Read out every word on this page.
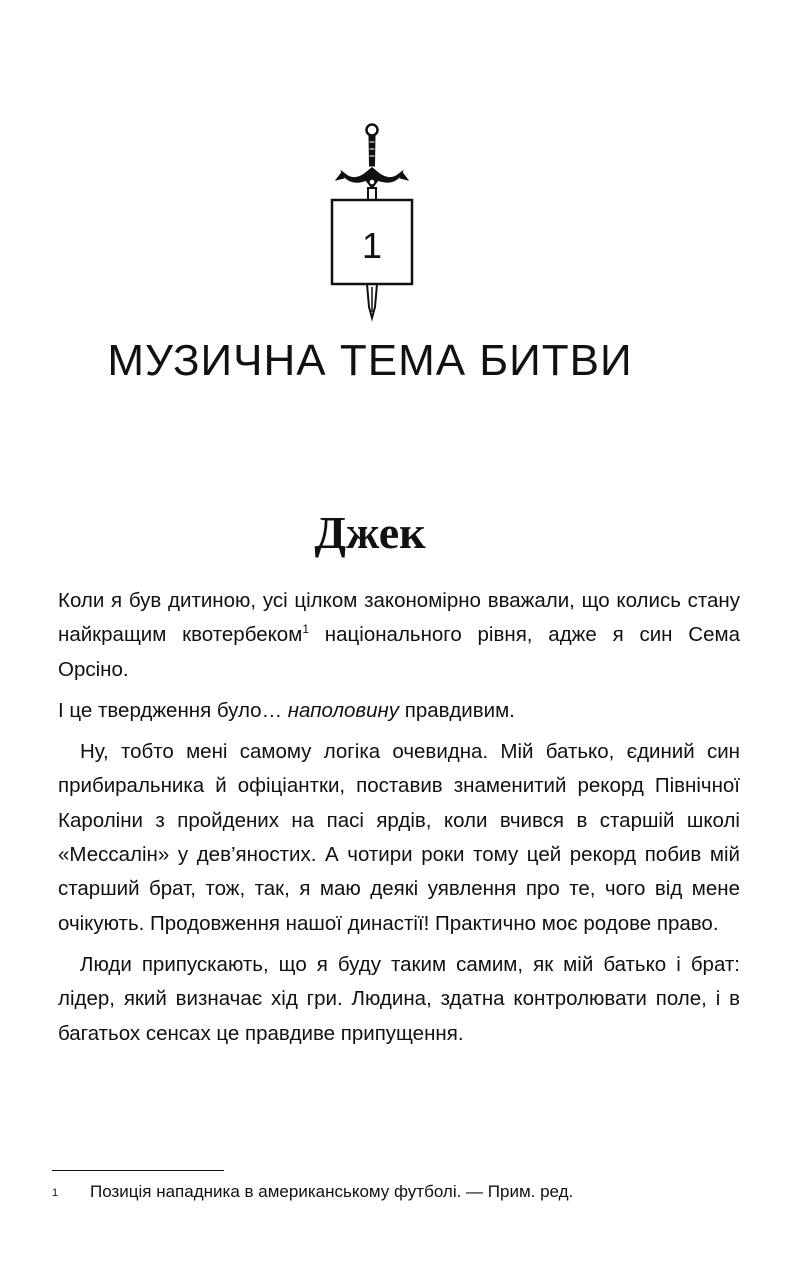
1
МУЗИЧНА ТЕМА БИТВИ
Джек

Коли я був дитиною, усі цілком закономірно вважали, що колись стану найкращим квотербеком$^1$ національного рівня, адже я син Сема Орсіно.

І це твердження було… наполовину правдивим.

Ну, тобто мені самому логіка очевидна. Мій батько, єдиний син прибиральника й офіціантки, поставив знаменитий рекорд Північної Кароліни з пройдених на пасі ярдів, коли вчився в старшій школі «Мессалін» у дев’яностих. А чотири роки тому цей рекорд побив мій старший брат, тож, так, я маю деякі уявлення про те, чого від мене очікують. Продовження нашої династії! Практично моє родове право.

Люди припускають, що я буду таким самим, як мій батько і брат: лідер, який визначає хід гри. Людина, здатна контролювати поле, і в багатьох сенсах це правдиве припущення.

1 Позиція нападника в американському футболі. — Прим. ред.
